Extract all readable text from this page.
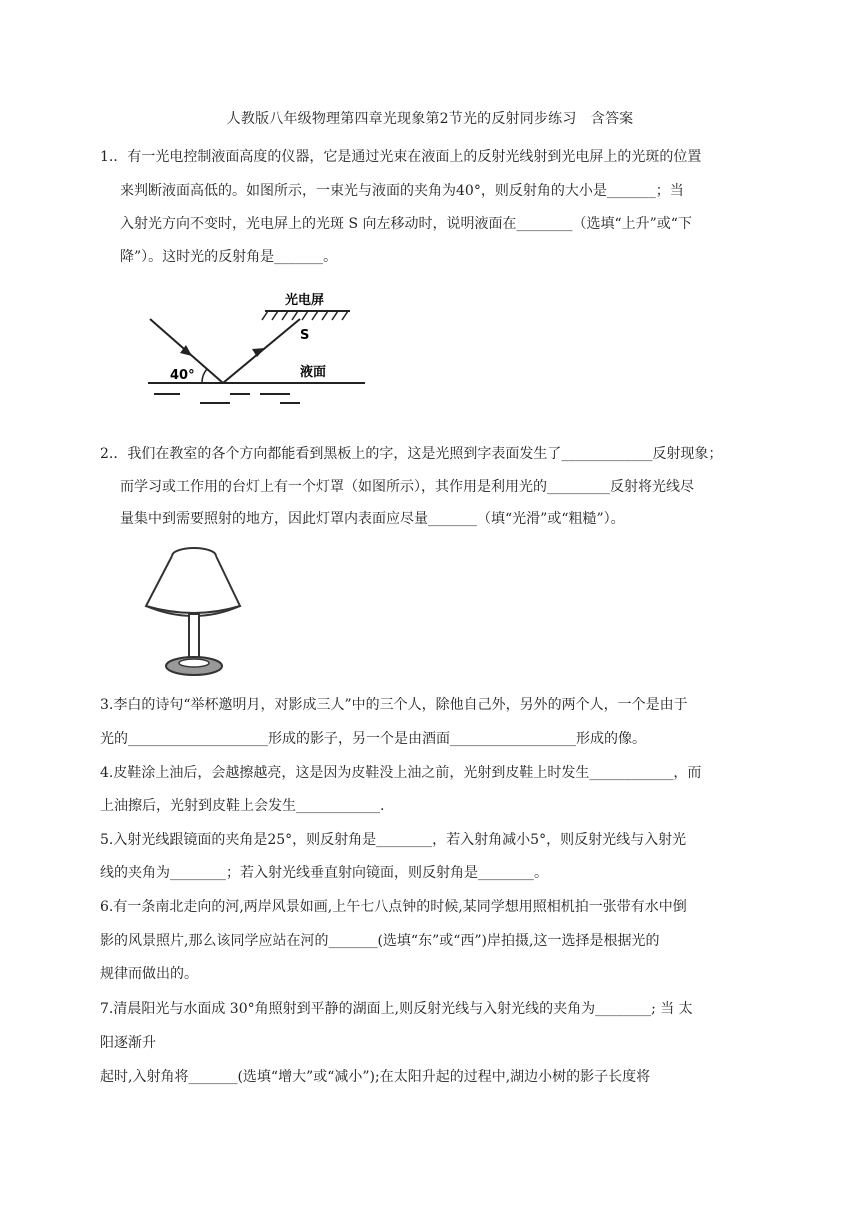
人教版八年级物理第四章光现象第2节光的反射同步练习　含答案
1.．有一光电控制液面高度的仪器，它是通过光束在液面上的反射光线射到光电屏上的光斑的位置
来判断液面高低的。如图所示，一束光与液面的夹角为40°，则反射角的大小是_______；当
入射光方向不变时，光电屏上的光斑 S 向左移动时，说明液面在________（选填“上升”或“下
降”）。这时光的反射角是_______。
光电屏
S
40°	液面
2.．我们在教室的各个方向都能看到黑板上的字，这是光照到字表面发生了_____________反射现象；
而学习或工作用的台灯上有一个灯罩（如图所示），其作用是利用光的_________反射将光线尽
量集中到需要照射的地方，因此灯罩内表面应尽量_______（填“光滑”或“粗糙”）。
3.李白的诗句“举杯邀明月，对影成三人”中的三个人，除他自己外，另外的两个人，一个是由于
光的____________________形成的影子，另一个是由酒面__________________形成的像。
4.皮鞋涂上油后，会越擦越亮，这是因为皮鞋没上油之前，光射到皮鞋上时发生____________，而
上油擦后，光射到皮鞋上会发生____________.
5.入射光线跟镜面的夹角是25°，则反射角是________，若入射角减小5°，则反射光线与入射光
线的夹角为________；若入射光线垂直射向镜面，则反射角是________。
6.有一条南北走向的河,两岸风景如画,上午七八点钟的时候,某同学想用照相机拍一张带有水中倒
影的风景照片,那么该同学应站在河的_______(选填“东”或“西”)岸拍摄,这一选择是根据光的
规律而做出的。
7.清晨阳光与水面成 30°角照射到平静的湖面上,则反射光线与入射光线的夹角为________; 当 太
阳逐渐升
起时,入射角将_______(选填“增大”或“减小”);在太阳升起的过程中,湖边小树的影子长度将
